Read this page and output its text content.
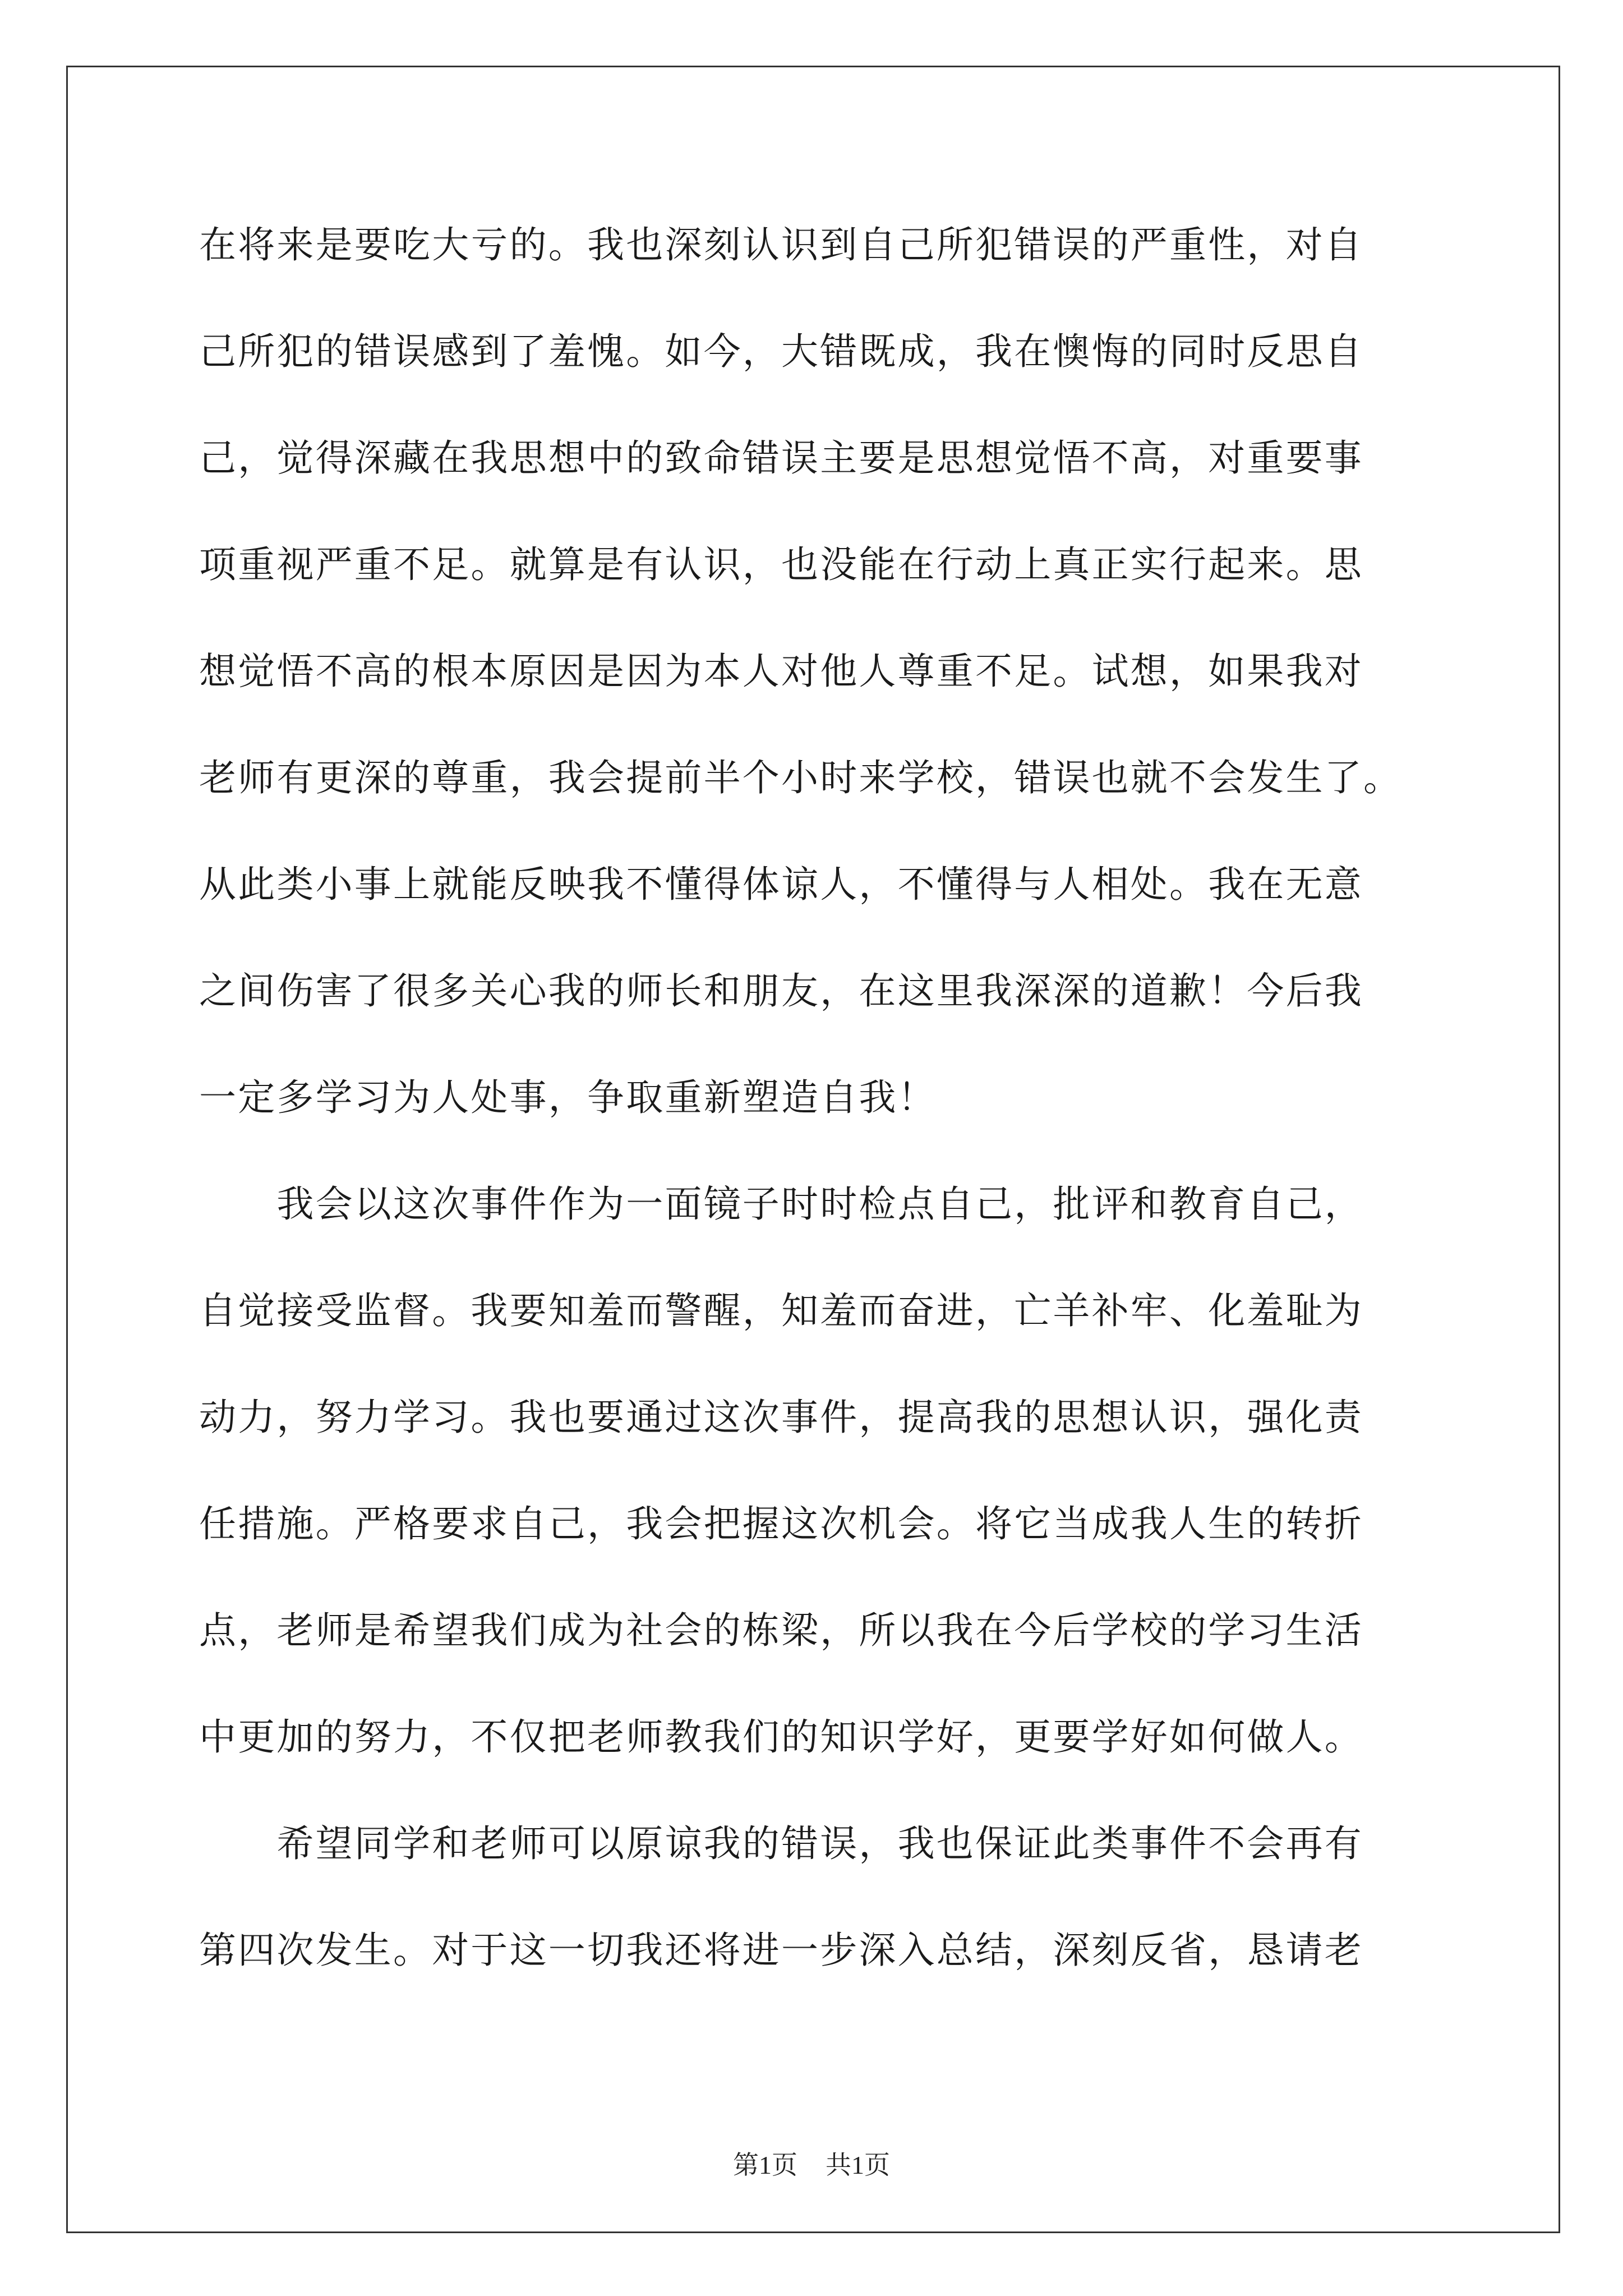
在将来是要吃大亏的。我也深刻认识到自己所犯错误的严重性，对自
己所犯的错误感到了羞愧。如今，大错既成，我在懊悔的同时反思自
己，觉得深藏在我思想中的致命错误主要是思想觉悟不高，对重要事
项重视严重不足。就算是有认识，也没能在行动上真正实行起来。思
想觉悟不高的根本原因是因为本人对他人尊重不足。试想，如果我对
老师有更深的尊重，我会提前半个小时来学校，错误也就不会发生了。
从此类小事上就能反映我不懂得体谅人，不懂得与人相处。我在无意
之间伤害了很多关心我的师长和朋友，在这里我深深的道歉！今后我
一定多学习为人处事，争取重新塑造自我！
　　我会以这次事件作为一面镜子时时检点自己，批评和教育自己，
自觉接受监督。我要知羞而警醒，知羞而奋进，亡羊补牢、化羞耻为
动力，努力学习。我也要通过这次事件，提高我的思想认识，强化责
任措施。严格要求自己，我会把握这次机会。将它当成我人生的转折
点，老师是希望我们成为社会的栋梁，所以我在今后学校的学习生活
中更加的努力，不仅把老师教我们的知识学好，更要学好如何做人。
　　希望同学和老师可以原谅我的错误，我也保证此类事件不会再有
第四次发生。对于这一切我还将进一步深入总结，深刻反省，恳请老
第1页 共1页
